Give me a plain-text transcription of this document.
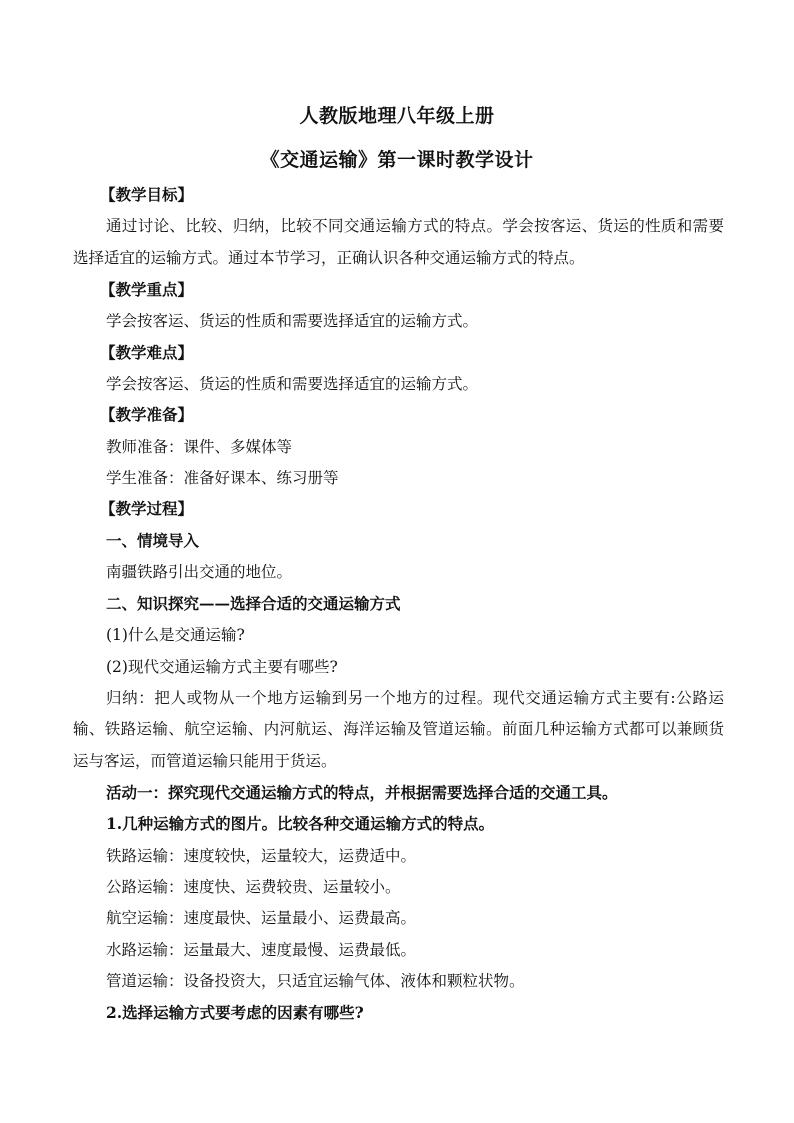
人教版地理八年级上册
《交通运输》第一课时教学设计
【教学目标】
通过讨论、比较、归纳，比较不同交通运输方式的特点。学会按客运、货运的性质和需要
选择适宜的运输方式。通过本节学习，正确认识各种交通运输方式的特点。
【教学重点】
学会按客运、货运的性质和需要选择适宜的运输方式。
【教学难点】
学会按客运、货运的性质和需要选择适宜的运输方式。
【教学准备】
教师准备：课件、多媒体等
学生准备：准备好课本、练习册等
【教学过程】
一、情境导入
南疆铁路引出交通的地位。
二、知识探究——选择合适的交通运输方式
(1)什么是交通运输?
(2)现代交通运输方式主要有哪些?
归纳：把人或物从一个地方运输到另一个地方的过程。现代交通运输方式主要有:公路运
输、铁路运输、航空运输、内河航运、海洋运输及管道运输。前面几种运输方式都可以兼顾货
运与客运，而管道运输只能用于货运。
活动一：探究现代交通运输方式的特点，并根据需要选择合适的交通工具。
1.几种运输方式的图片。比较各种交通运输方式的特点。
铁路运输：速度较快，运量较大，运费适中。
公路运输：速度快、运费较贵、运量较小。
航空运输：速度最快、运量最小、运费最高。
水路运输：运量最大、速度最慢、运费最低。
管道运输：设备投资大，只适宜运输气体、液体和颗粒状物。
2.选择运输方式要考虑的因素有哪些?
